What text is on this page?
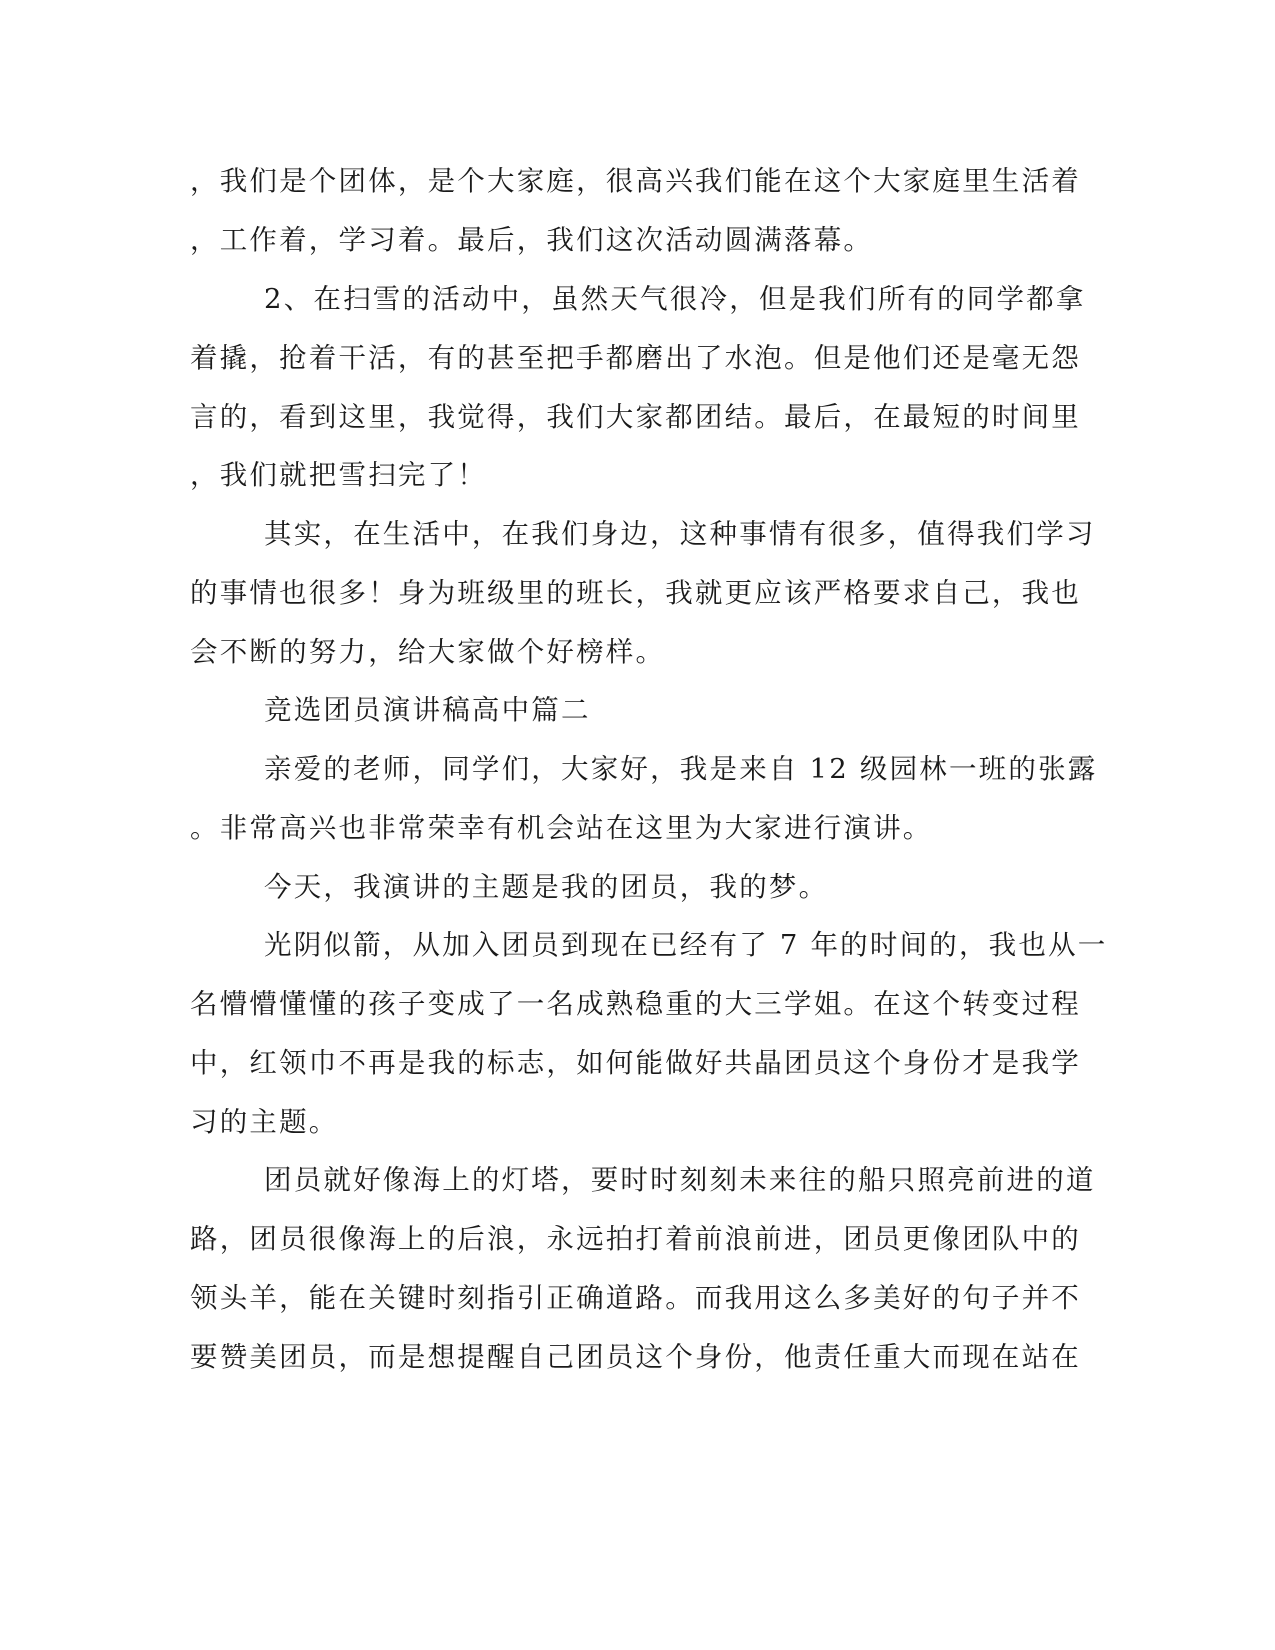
，我们是个团体，是个大家庭，很高兴我们能在这个大家庭里生活着
，工作着，学习着。最后，我们这次活动圆满落幕。
2、在扫雪的活动中，虽然天气很冷，但是我们所有的同学都拿
着撬，抢着干活，有的甚至把手都磨出了水泡。但是他们还是毫无怨
言的，看到这里，我觉得，我们大家都团结。最后，在最短的时间里
，我们就把雪扫完了！
其实，在生活中，在我们身边，这种事情有很多，值得我们学习
的事情也很多！身为班级里的班长，我就更应该严格要求自己，我也
会不断的努力，给大家做个好榜样。
竞选团员演讲稿高中篇二
亲爱的老师，同学们，大家好，我是来自 12 级园林一班的张露
。非常高兴也非常荣幸有机会站在这里为大家进行演讲。
今天，我演讲的主题是我的团员，我的梦。
光阴似箭，从加入团员到现在已经有了 7 年的时间的，我也从一
名懵懵懂懂的孩子变成了一名成熟稳重的大三学姐。在这个转变过程
中，红领巾不再是我的标志，如何能做好共晶团员这个身份才是我学
习的主题。
团员就好像海上的灯塔，要时时刻刻未来往的船只照亮前进的道
路，团员很像海上的后浪，永远拍打着前浪前进，团员更像团队中的
领头羊，能在关键时刻指引正确道路。而我用这么多美好的句子并不
要赞美团员，而是想提醒自己团员这个身份，他责任重大而现在站在
